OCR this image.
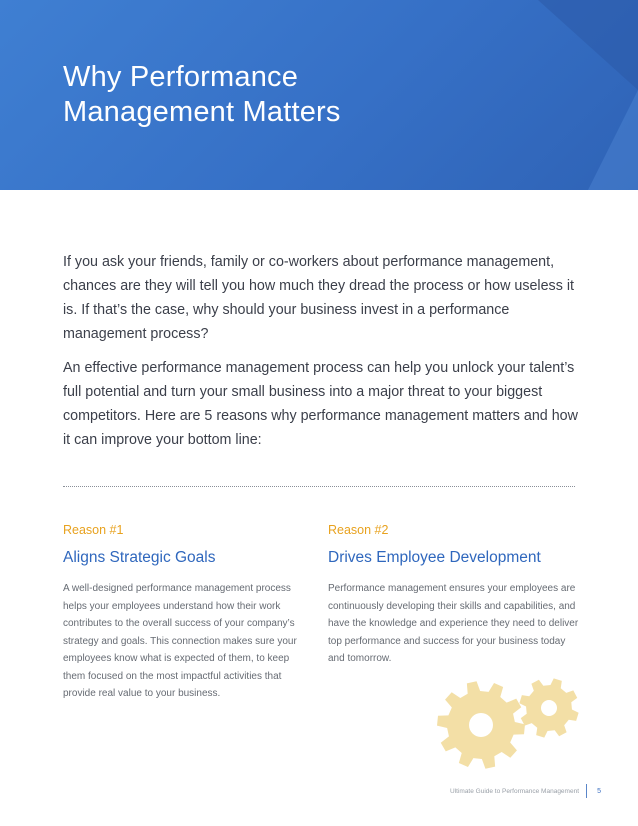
Why Performance
Management Matters

If you ask your friends, family or co-workers about performance management, chances are they will tell you how much they dread the process or how useless it is. If that’s the case, why should your business invest in a performance management process?

An effective performance management process can help you unlock your talent’s full potential and turn your small business into a major threat to your biggest competitors. Here are 5 reasons why performance management matters and how it can improve your bottom line:

Reason #1
Aligns Strategic Goals

A well-designed performance management process helps your employees understand how their work contributes to the overall success of your company’s strategy and goals. This connection makes sure your employees know what is expected of them, to keep them focused on the most impactful activities that provide real value to your business.

Reason #2
Drives Employee Development

Performance management ensures your employees are continuously developing their skills and capabilities, and have the knowledge and experience they need to deliver top performance and success for your business today and tomorrow.

Ultimate Guide to Performance Management	5
